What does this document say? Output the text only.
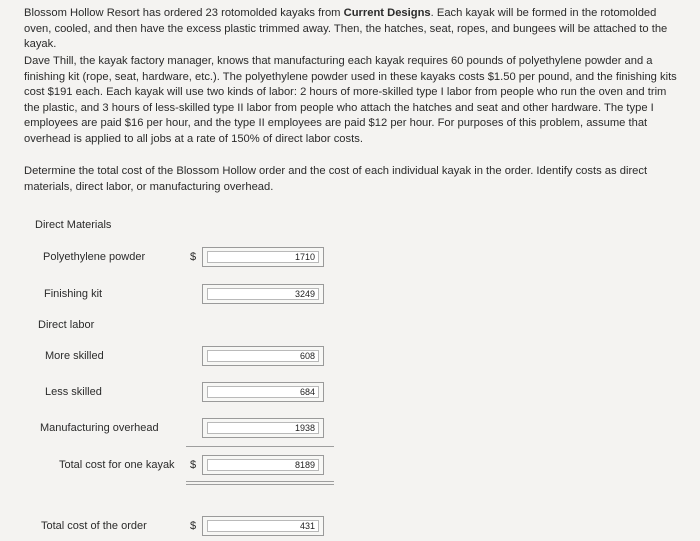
Blossom Hollow Resort has ordered 23 rotomolded kayaks from Current Designs. Each kayak will be formed in the rotomolded oven, cooled, and then have the excess plastic trimmed away. Then, the hatches, seat, ropes, and bungees will be attached to the kayak.

Dave Thill, the kayak factory manager, knows that manufacturing each kayak requires 60 pounds of polyethylene powder and a finishing kit (rope, seat, hardware, etc.). The polyethylene powder used in these kayaks costs $1.50 per pound, and the finishing kits cost $191 each. Each kayak will use two kinds of labor: 2 hours of more-skilled type I labor from people who run the oven and trim the plastic, and 3 hours of less-skilled type II labor from people who attach the hatches and seat and other hardware. The type I employees are paid $16 per hour, and the type II employees are paid $12 per hour. For purposes of this problem, assume that overhead is applied to all jobs at a rate of 150% of direct labor costs.

Determine the total cost of the Blossom Hollow order and the cost of each individual kayak in the order. Identify costs as direct materials, direct labor, or manufacturing overhead.

Direct Materials
Polyethylene powder	$
1710
Finishing kit
3249
Direct labor
More skilled
608
Less skilled
684
Manufacturing overhead
1938
Total cost for one kayak $
8189
Total cost of the order	$
431
